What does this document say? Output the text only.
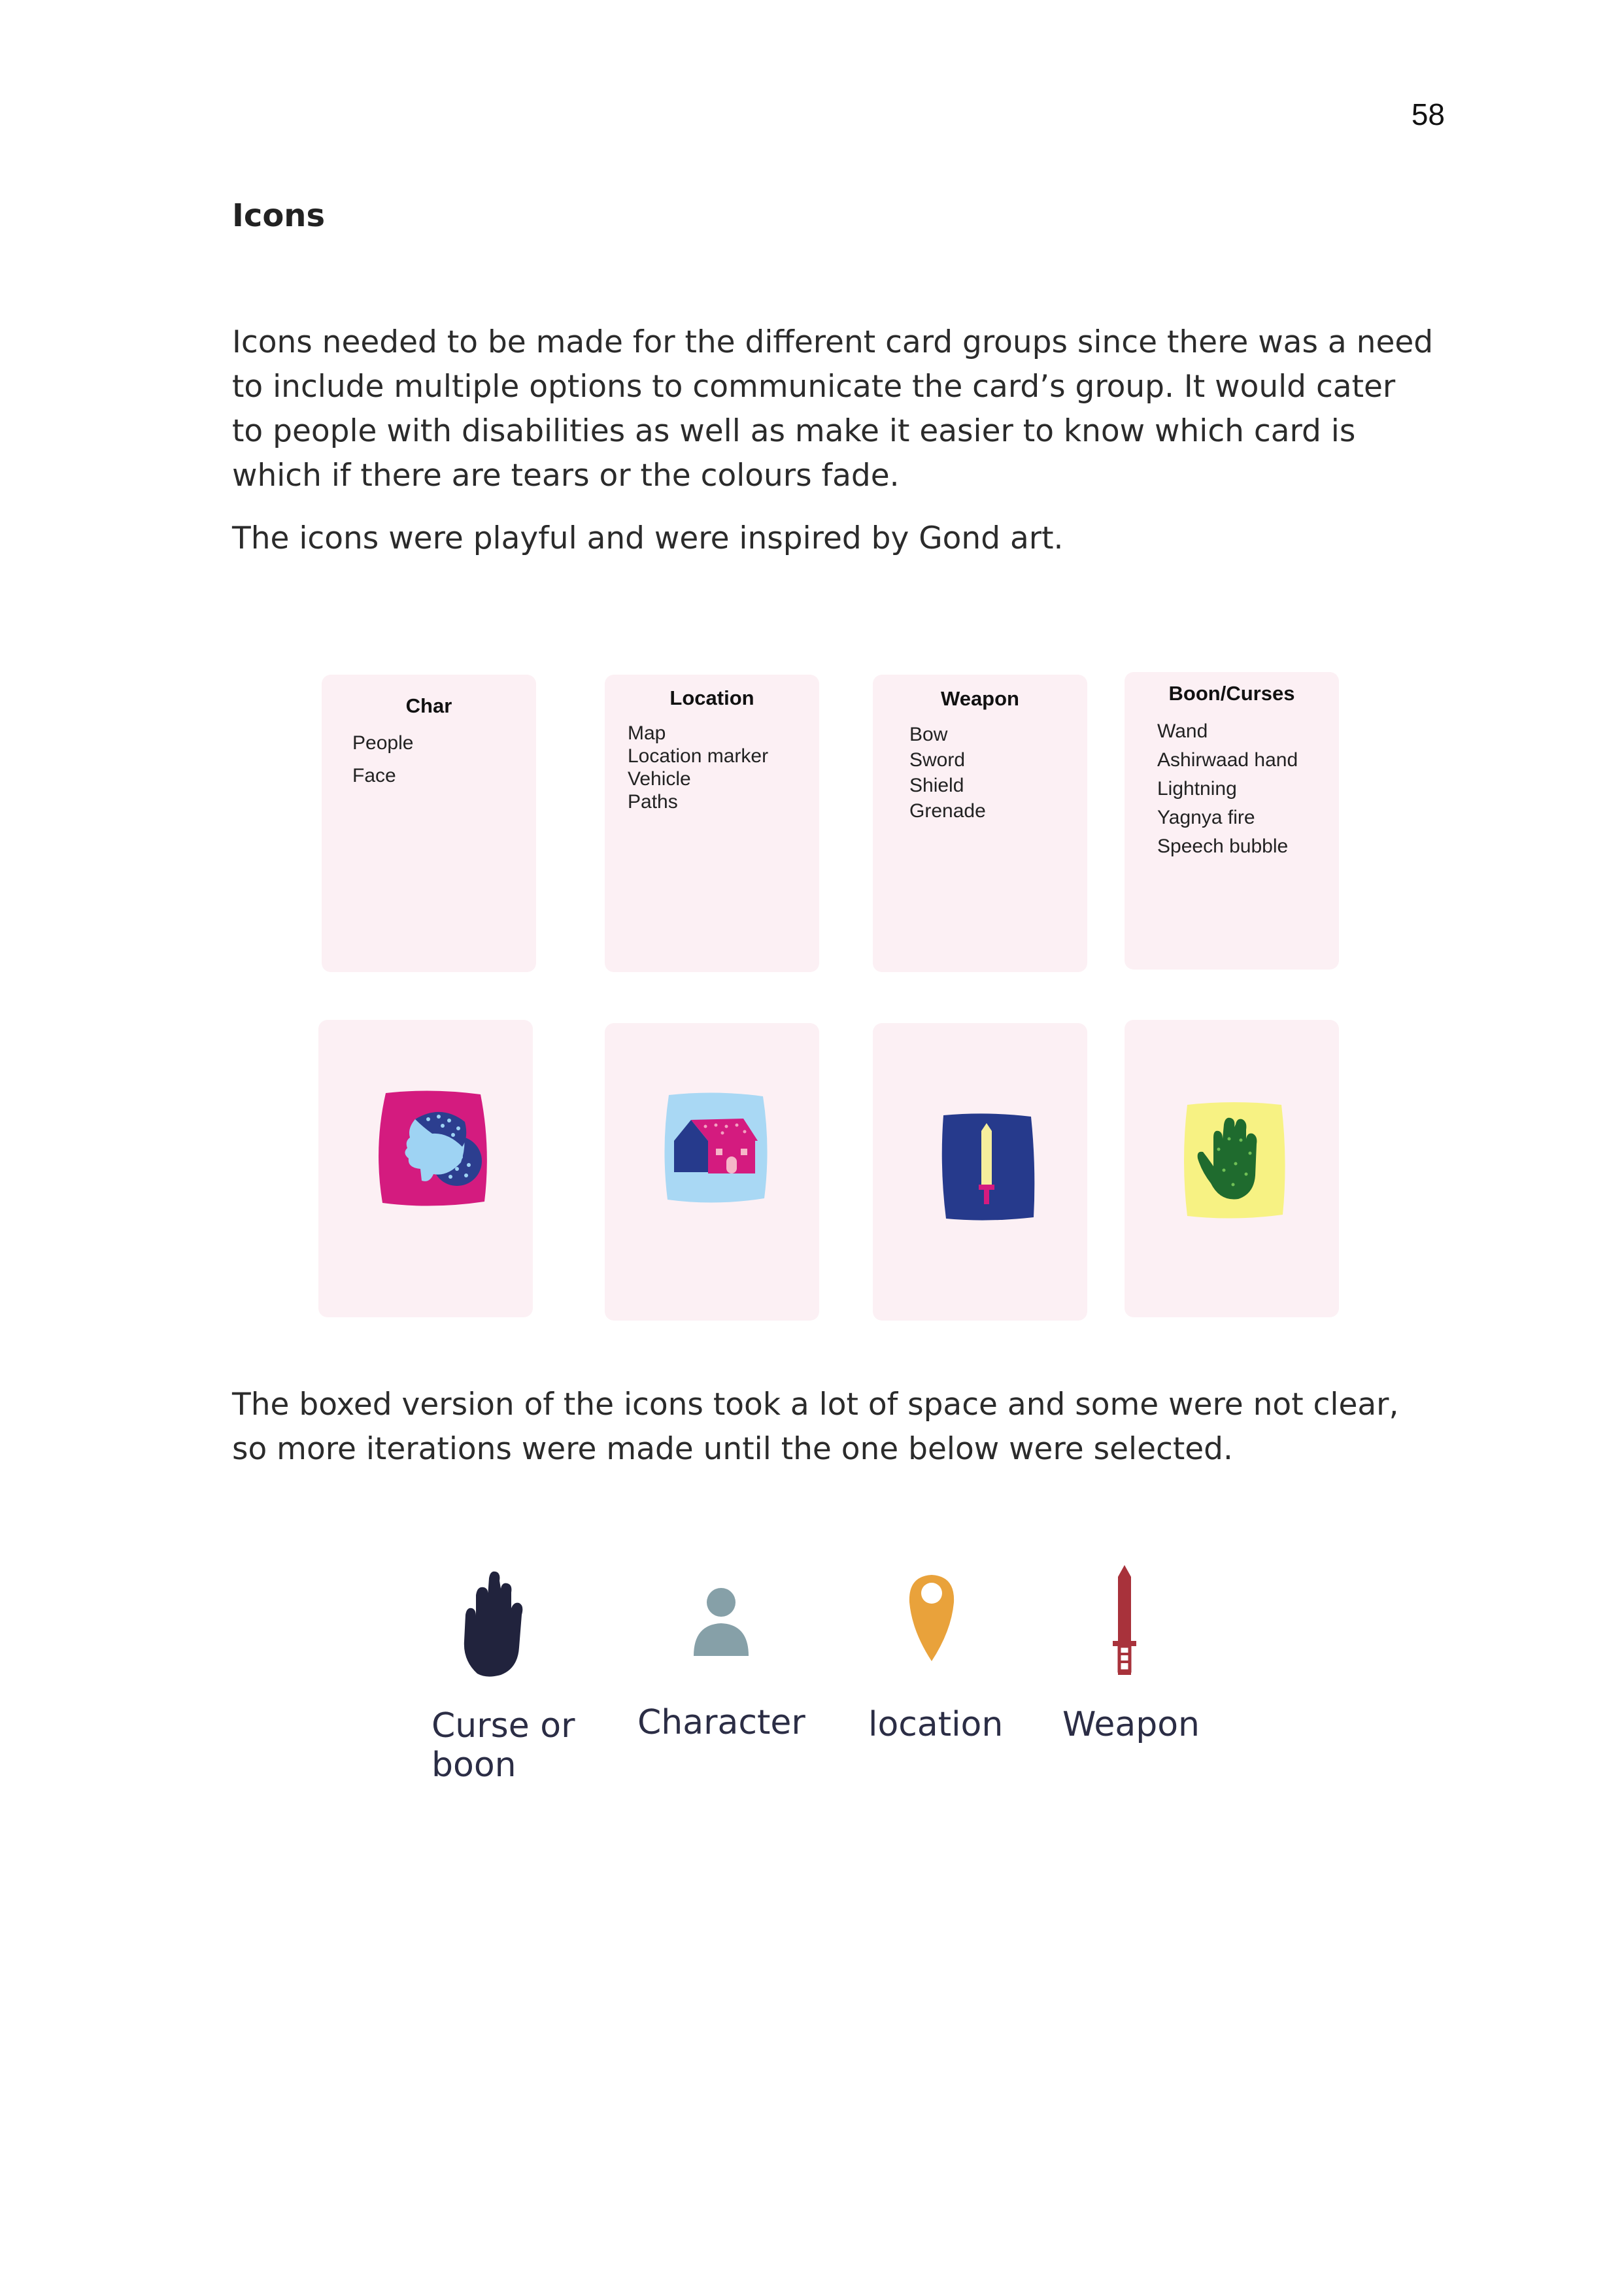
58
Icons

Icons needed to be made for the different card groups since there was a need to include multiple options to communicate the card’s group. It would cater to people with disabilities as well as make it easier to know which card is which if there are tears or the colours fade.

The icons were playful and were inspired by Gond art.

Char
People
Face
Location
Map
Location marker
Vehicle
Paths
Weapon
Bow
Sword
Shield
Grenade
Boon/Curses
Wand
Ashirwaad hand
Lightning
Yagnya fire
Speech bubble

The boxed version of the icons took a lot of space and some were not clear, so more iterations were made until the one below were selected.

Curse or
boon

Character location Weapon
